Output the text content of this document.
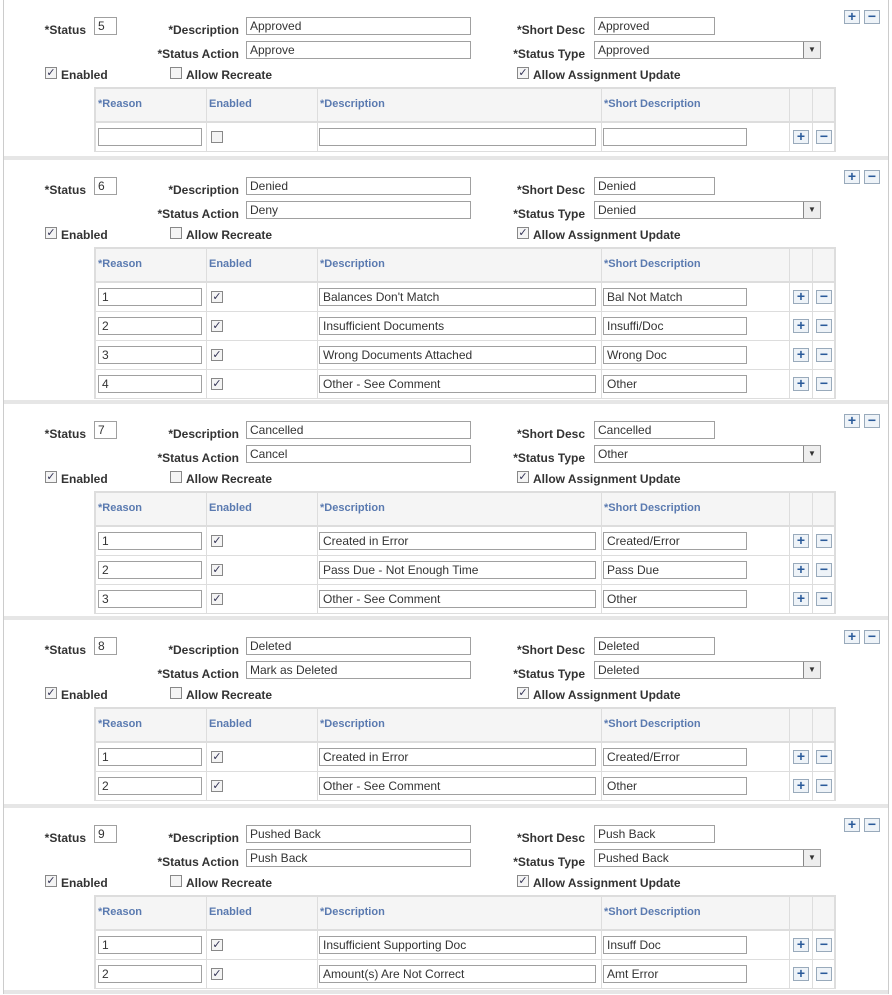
*Status	5	*Description Approved
*Status Action Approve
*Short Desc	Approved
*Status Type	Approved	▼
✓ Enabled	Allow Recreate	✓ Allow Assignment Update
+ −
*Reason	Enabled	*Description	*Short Description
+ −
*Status	6	*Description Denied
*Status Action Deny
*Short Desc	Denied
*Status Type	Denied	▼
✓ Enabled	Allow Recreate	✓ Allow Assignment Update
+ −
*Reason	Enabled	*Description	*Short Description
1	✓	Balances Don't Match	Bal Not Match	+ −
2	✓	Insufficient Documents	Insuffi/Doc	+ −
3	✓	Wrong Documents Attached	Wrong Doc	+ −
4	✓	Other - See Comment	Other	+ −
*Status	7	*Description Cancelled
*Status Action Cancel
*Short Desc	Cancelled
*Status Type	Other	▼
✓ Enabled	Allow Recreate	✓ Allow Assignment Update
+ −
*Reason	Enabled	*Description	*Short Description
1	✓	Created in Error	Created/Error	+ −
2	✓	Pass Due - Not Enough Time	Pass Due	+ −
3	✓	Other - See Comment	Other	+ −
*Status	8	*Description Deleted
*Status Action Mark as Deleted
*Short Desc	Deleted
*Status Type	Deleted	▼
✓ Enabled	Allow Recreate	✓ Allow Assignment Update
+ −
*Reason	Enabled	*Description	*Short Description
1	✓	Created in Error	Created/Error	+ −
2	✓	Other - See Comment	Other	+ −
*Status	9	*Description Pushed Back
*Status Action Push Back
*Short Desc	Push Back
*Status Type	Pushed Back	▼
✓ Enabled	Allow Recreate	✓ Allow Assignment Update
+ −
*Reason	Enabled	*Description	*Short Description
1	✓	Insufficient Supporting Doc	Insuff Doc	+ −
2	✓	Amount(s) Are Not Correct	Amt Error	+ −
